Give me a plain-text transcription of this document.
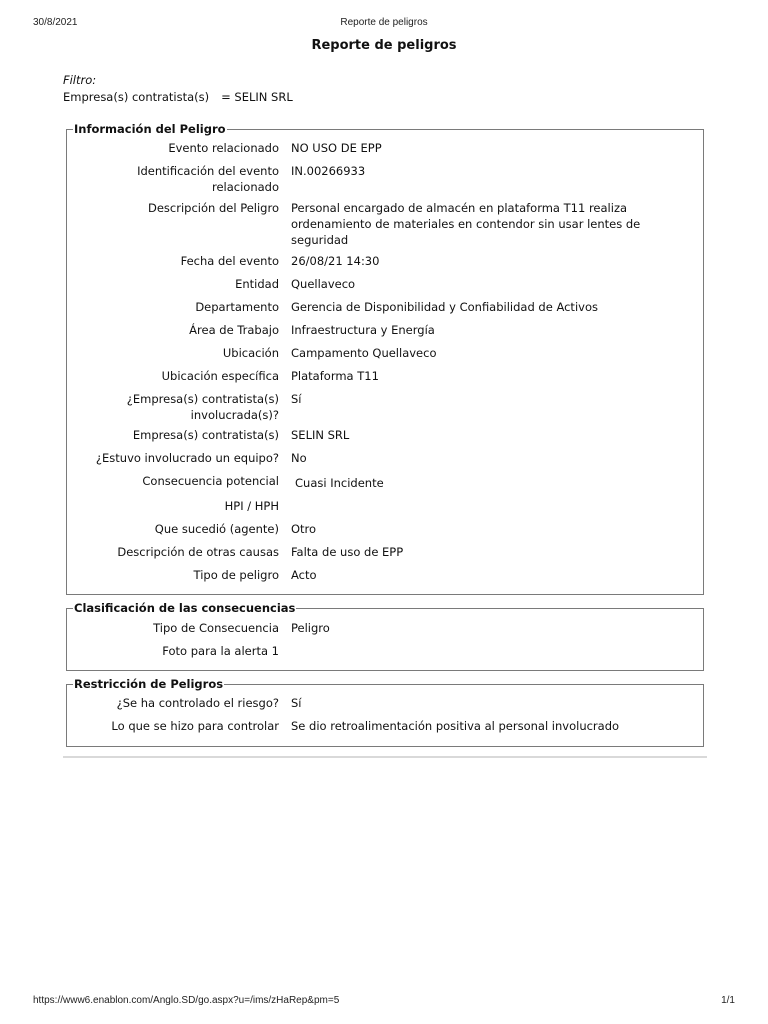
30/8/2021	Reporte de peligros
Reporte de peligros
Filtro:
Empresa(s) contratista(s) = SELIN SRL
Información del Peligro
Evento relacionado NO USO DE EPP
Identificación del evento relacionado
IN.00266933
Descripción del Peligro Personal encargado de almacén en plataforma T11 realiza ordenamiento de materiales en contendor sin usar lentes de seguridad
Fecha del evento 26/08/21 14:30
Entidad Quellaveco
Departamento Gerencia de Disponibilidad y Confiabilidad de Activos
Área de Trabajo Infraestructura y Energía
Ubicación Campamento Quellaveco
Ubicación específica Plataforma T11
¿Empresa(s) contratista(s) involucrada(s)?
Sí
Empresa(s) contratista(s) SELIN SRL
¿Estuvo involucrado un equipo? No
Consecuencia potencial Cuasi Incidente
HPI / HPH
Que sucedió (agente) Otro
Descripción de otras causas Falta de uso de EPP
Tipo de peligro Acto
Clasificación de las consecuencias
Tipo de Consecuencia Peligro
Foto para la alerta 1
Restricción de Peligros
¿Se ha controlado el riesgo? Sí
Lo que se hizo para controlar Se dio retroalimentación positiva al personal involucrado
https://www6.enablon.com/Anglo.SD/go.aspx?u=/ims/zHaRep&pm=5	1/1
